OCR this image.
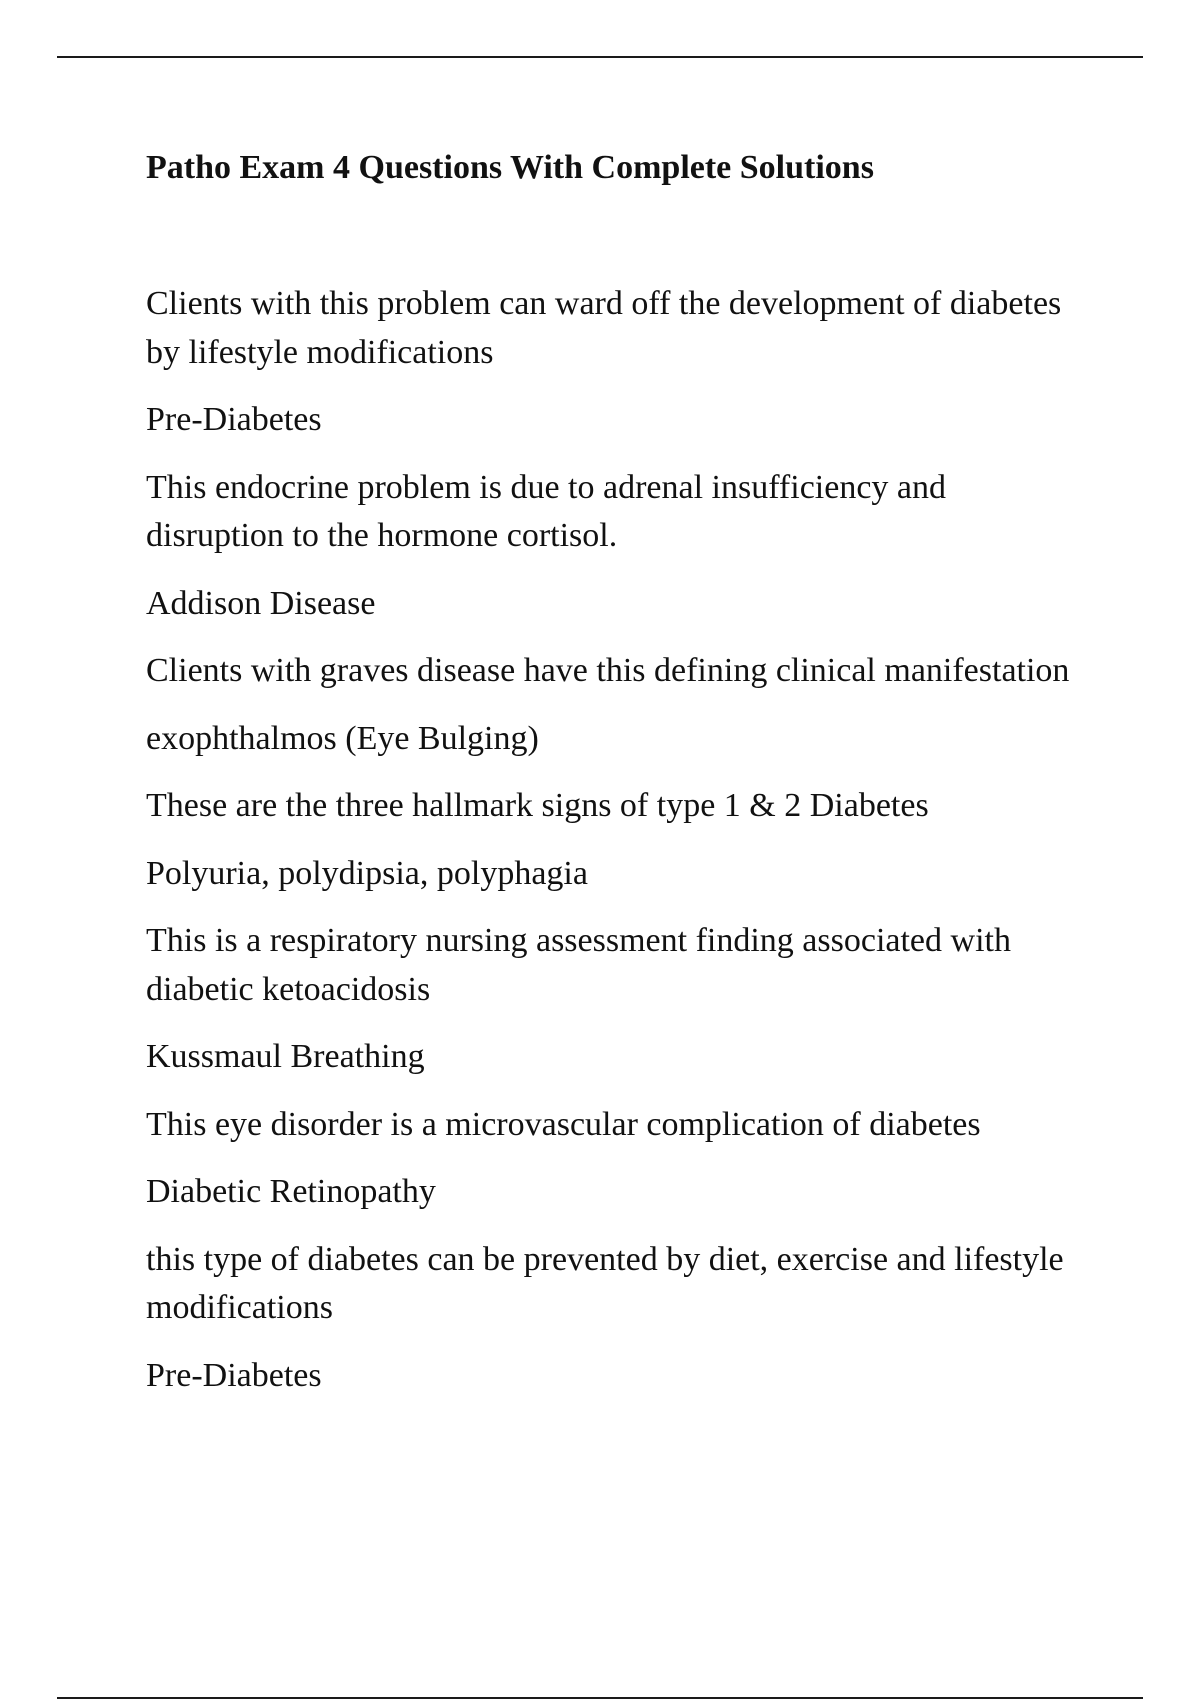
Patho Exam 4 Questions With Complete Solutions

Clients with this problem can ward off the development of diabetes by lifestyle modifications

Pre-Diabetes

This endocrine problem is due to adrenal insufficiency and disruption to the hormone cortisol.

Addison Disease

Clients with graves disease have this defining clinical manifestation

exophthalmos (Eye Bulging)

These are the three hallmark signs of type 1 & 2 Diabetes

Polyuria, polydipsia, polyphagia

This is a respiratory nursing assessment finding associated with diabetic ketoacidosis

Kussmaul Breathing

This eye disorder is a microvascular complication of diabetes

Diabetic Retinopathy

this type of diabetes can be prevented by diet, exercise and lifestyle modifications

Pre-Diabetes
